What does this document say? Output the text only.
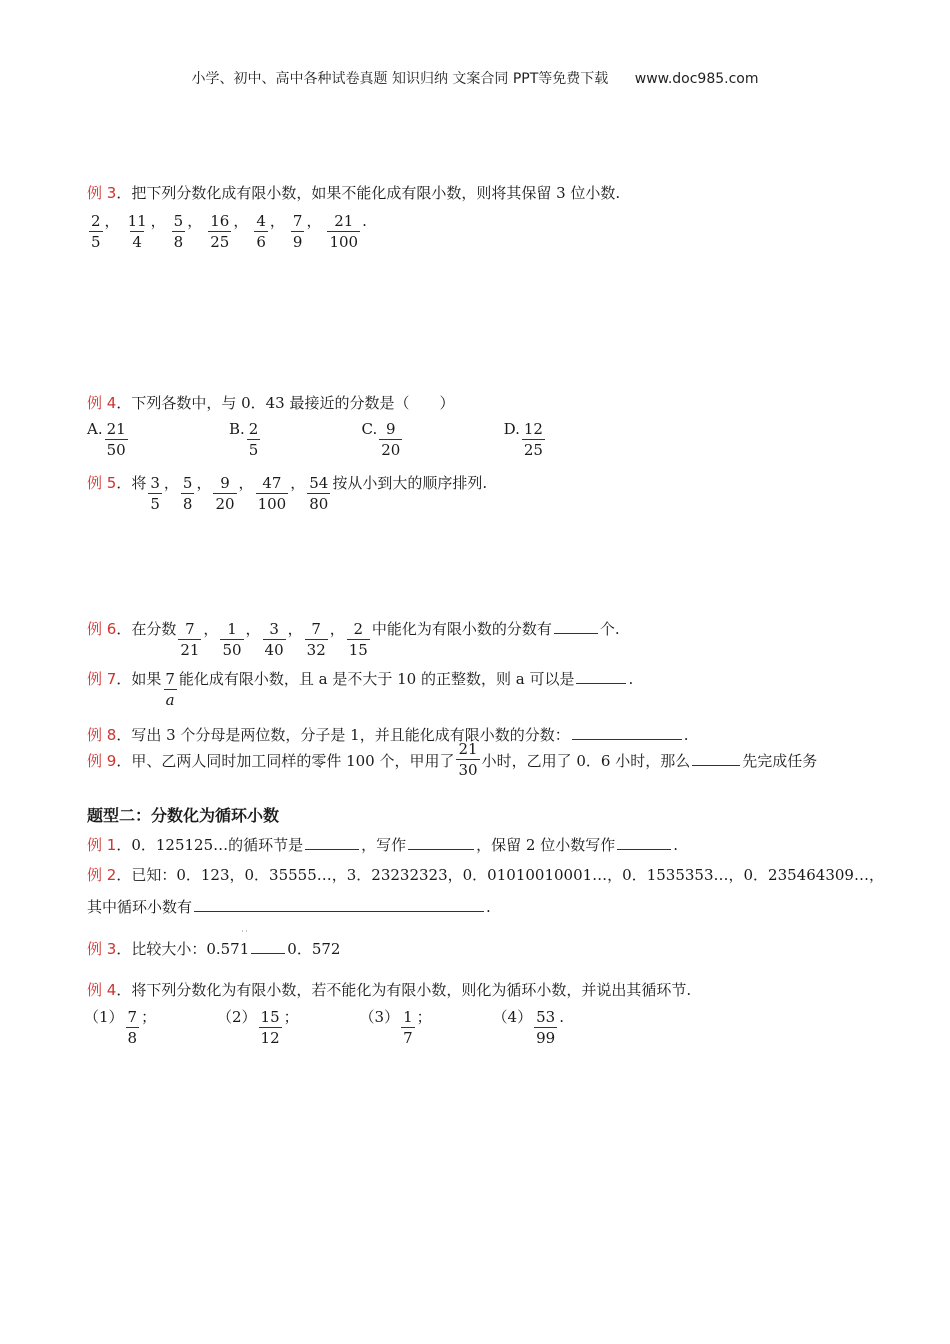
小学、初中、高中各种试卷真题 知识归纳 文案合同 PPT等免费下载 www.doc985.com
例 3 ．把下列分数化成有限小数，如果不能化成有限小数，则将其保留 3 位小数.
$\frac{2}{5}$ ， $\frac{11}{4}$ ， $\frac{5}{8}$ ， $\frac{16}{25}$ ， $\frac{4}{6}$ ， $\frac{7}{9}$ ， $\frac{21}{100}$ .
例 4 ．下列各数中，与 0．43 最接近的分数是（　　）
A. $\frac{21}{50}$	B. $\frac{2}{5}$	C. $\frac{9}{20}$	D. $\frac{12}{25}$
例 5 ．将 $\frac{3}{5}$ ， $\frac{5}{8}$ ， $\frac{9}{20}$ ， $\frac{47}{100}$ ， $\frac{54}{80}$ 按从小到大的顺序排列.
例 6 ．在分数 $\frac{7}{21}$ ， $\frac{1}{50}$ ， $\frac{3}{40}$ ， $\frac{7}{32}$ ， $\frac{2}{15}$ 中能化为有限小数的分数有	个.
例 7 ．如果 $\frac{7}{a}$ 能化成有限小数，且 a 是不大于 10 的正整数，则 a 可以是	.
例 8 ．写出 3 个分母是两位数，分子是 1，并且能化成有限小数的分数：	.
例 9 ．甲、乙两人同时加工同样的零件 100 个，甲用了 $\frac{21}{30}$ 小时，乙用了 0．6 小时，那么	先完成任务
题型二：分数化为循环小数
例 1 ．0．125125…的循环节是	，写作	，保留 2 位小数写作	.
例 2 ．已知：0．123，0．35555…，3．23232323，0．01010010001…，0．1535353…，0．235464309…，
其中循环小数有	.
例 3 ．比较大小： 0.571
˙˙
0．572
例 4 ．将下列分数化为有限小数，若不能化为有限小数，则化为循环小数，并说出其循环节.
$(1) \frac{7}{8}$ ；	$(2) \frac{15}{12}$ ；	$(3) \frac{1}{7}$ ；	$(4) \frac{53}{99}$ .
